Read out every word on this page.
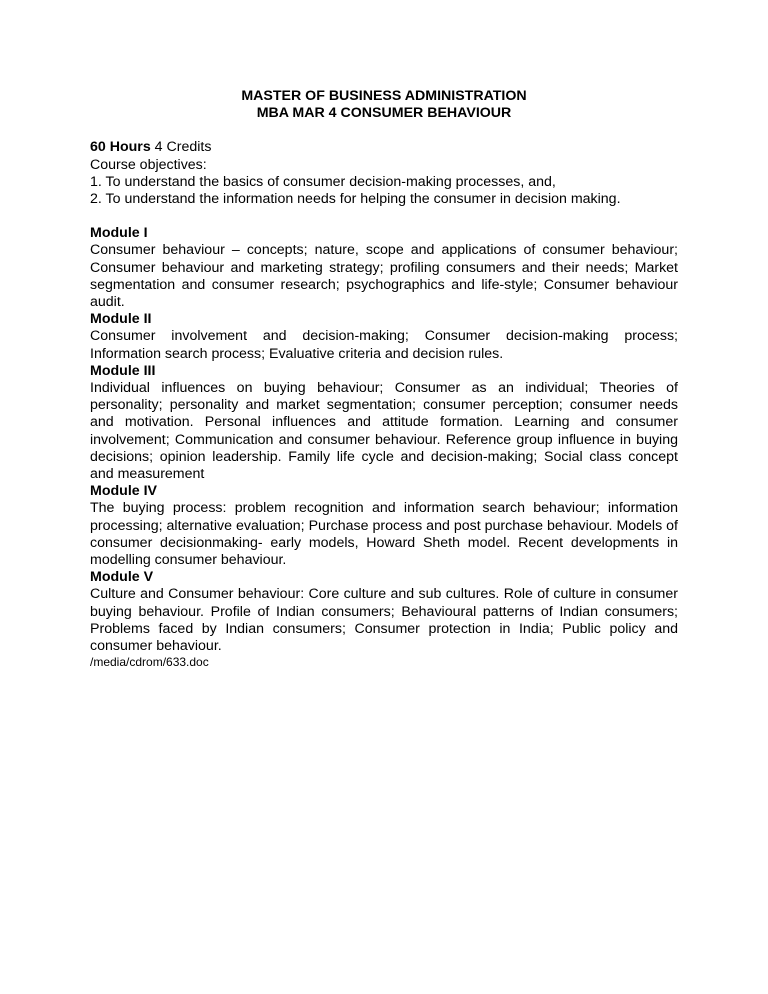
MASTER OF BUSINESS ADMINISTRATION

MBA MAR 4 CONSUMER BEHAVIOUR

60 Hours 4 Credits

Course objectives:

1. To understand the basics of consumer decision-making processes, and,

2. To understand the information needs for helping the consumer in decision making.

Module I

Consumer behaviour – concepts; nature, scope and applications of consumer behaviour; Consumer behaviour and marketing strategy; profiling consumers and their needs; Market segmentation and consumer research; psychographics and life-style; Consumer behaviour audit.

Module II

Consumer involvement and decision-making; Consumer decision-making process; Information search process; Evaluative criteria and decision rules.

Module III

Individual influences on buying behaviour; Consumer as an individual; Theories of personality; personality and market segmentation; consumer perception; consumer needs and motivation. Personal influences and attitude formation. Learning and consumer involvement; Communication and consumer behaviour. Reference group influence in buying decisions; opinion leadership. Family life cycle and decision-making; Social class concept and measurement

Module IV

The buying process: problem recognition and information search behaviour; information processing; alternative evaluation; Purchase process and post purchase behaviour. Models of consumer decisionmaking- early models, Howard Sheth model. Recent developments in modelling consumer behaviour.

Module V

Culture and Consumer behaviour: Core culture and sub cultures. Role of culture in consumer buying behaviour. Profile of Indian consumers; Behavioural patterns of Indian consumers; Problems faced by Indian consumers; Consumer protection in India; Public policy and consumer behaviour.

/media/cdrom/633.doc
